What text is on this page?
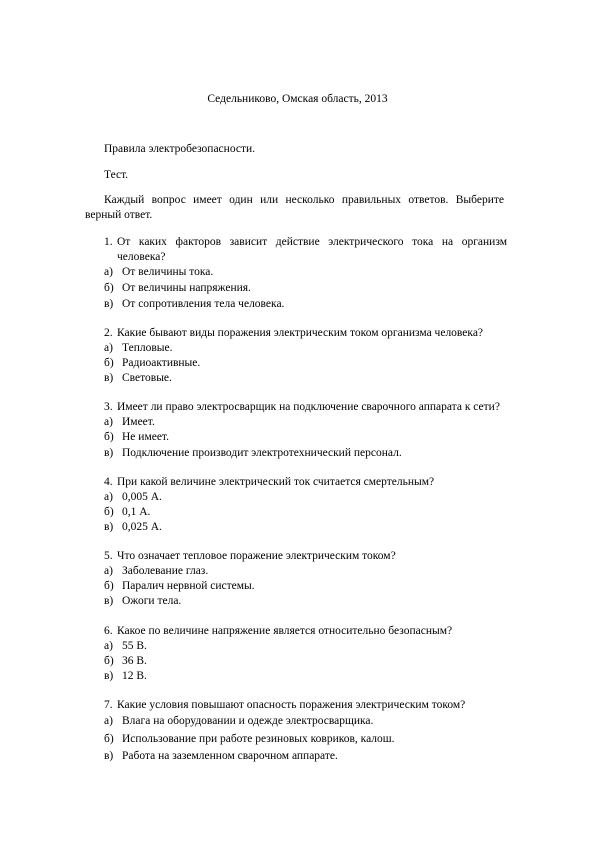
Седельниково, Омская область, 2013
Правила электробезопасности.
Тест.
Каждый вопрос имеет один или несколько правильных ответов. Выберите верный ответ.
1. От каких факторов зависит действие электрического тока на организм человека?
а) От величины тока.
б) От величины напряжения.
в) От сопротивления тела человека.
2. Какие бывают виды поражения электрическим током организма человека?
а) Тепловые.
б) Радиоактивные.
в) Световые.
3. Имеет ли право электросварщик на подключение сварочного аппарата к сети?
а) Имеет.
б) Не имеет.
в) Подключение производит электротехнический персонал.
4. При какой величине электрический ток считается смертельным?
а) 0,005 А.
б) 0,1 А.
в) 0,025 А.
5. Что означает тепловое поражение электрическим током?
а) Заболевание глаз.
б) Паралич нервной системы.
в) Ожоги тела.
6. Какое по величине напряжение является относительно безопасным?
а) 55 В.
б) 36 В.
в) 12 В.
7. Какие условия повышают опасность поражения электрическим током?
а) Влага на оборудовании и одежде электросварщика.
б) Использование при работе резиновых ковриков, калош.
в) Работа на заземленном сварочном аппарате.
